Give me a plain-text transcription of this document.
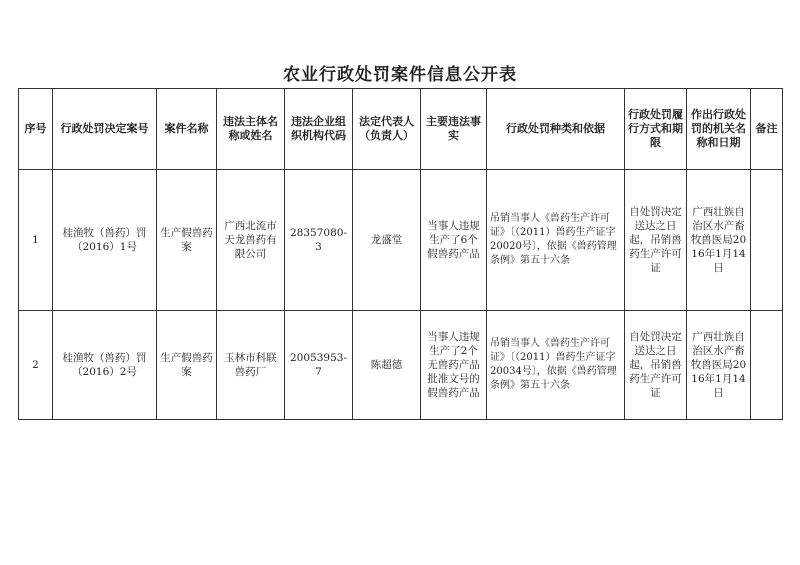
农业行政处罚案件信息公开表
序号	行政处罚决定案号	案件名称	违法主体名称或姓名	违法企业组织机构代码	法定代表人（负责人）	主要违法事实	行政处罚种类和依据	行政处罚履行方式和期限	作出行政处罚的机关名称和日期	备注
1	桂渔牧（兽药）罚（2016）1号	生产假兽药案	广西北流市天龙兽药有限公司	28357080-3	龙盛堂	当事人违规生产了6个假兽药产品	吊销当事人《兽药生产许可证》〔（2011）兽药生产证字20020号〕，依据《兽药管理条例》第五十六条	自处罚决定送达之日起，吊销兽药生产许可证	广西壮族自治区水产畜牧兽医局2016年1月14日	
2	桂渔牧（兽药）罚（2016）2号	生产假兽药案	玉林市科联兽药厂	20053953-7	陈超德	当事人违规生产了2个无兽药产品批准文号的假兽药产品	吊销当事人《兽药生产许可证》〔（2011）兽药生产证字20034号〕，依据《兽药管理条例》第五十六条	自处罚决定送达之日起，吊销兽药生产许可证	广西壮族自治区水产畜牧兽医局2016年1月14日	
